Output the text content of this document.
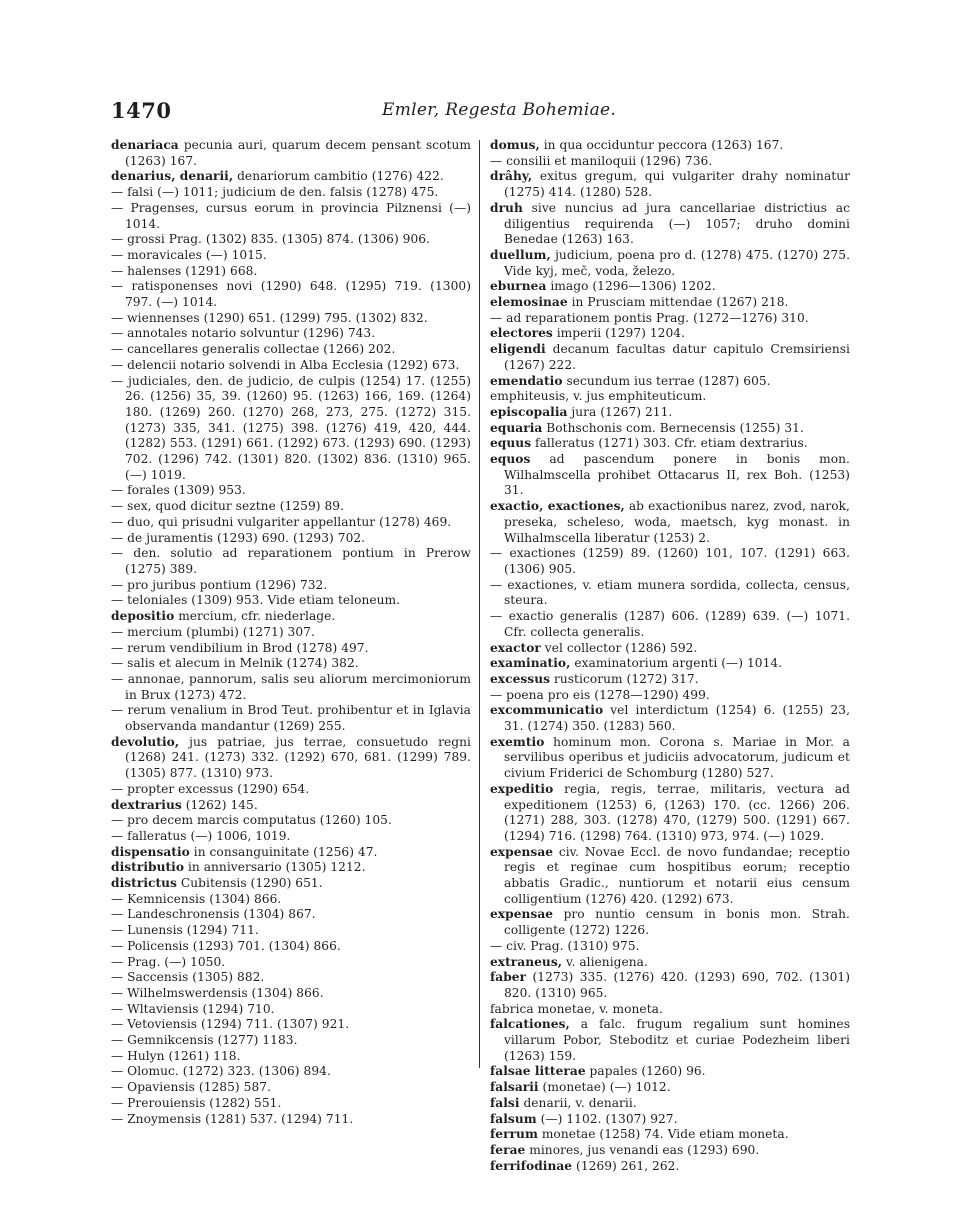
1470	Emler, Regesta Bohemiae.

denariaca pecunia auri, quarum decem pensant scotum (1263) 167.

denarius, denarii, denariorum cambitio (1276) 422.

— falsi (—) 1011; judicium de den. falsis (1278) 475.

— Pragenses, cursus eorum in provincia Pilznensi (—) 1014.

— grossi Prag. (1302) 835. (1305) 874. (1306) 906.

— moravicales (—) 1015.

— halenses (1291) 668.

— ratisponenses novi (1290) 648. (1295) 719. (1300) 797. (—) 1014.

— wiennenses (1290) 651. (1299) 795. (1302) 832.

— annotales notario solvuntur (1296) 743.

— cancellares generalis collectae (1266) 202.

— delencii notario solvendi in Alba Ecclesia (1292) 673.

— judiciales, den. de judicio, de culpis (1254) 17. (1255) 26. (1256) 35, 39. (1260) 95. (1263) 166, 169. (1264) 180. (1269) 260. (1270) 268, 273, 275. (1272) 315. (1273) 335, 341. (1275) 398. (1276) 419, 420, 444. (1282) 553. (1291) 661. (1292) 673. (1293) 690. (1293) 702. (1296) 742. (1301) 820. (1302) 836. (1310) 965. (—) 1019.

— forales (1309) 953.

— sex, quod dicitur seztne (1259) 89.

— duo, qui prisudni vulgariter appellantur (1278) 469.

— de juramentis (1293) 690. (1293) 702.

— den. solutio ad reparationem pontium in Prerow (1275) 389.

— pro juribus pontium (1296) 732.

— teloniales (1309) 953. Vide etiam teloneum.

depositio mercium, cfr. niederlage.

— mercium (plumbi) (1271) 307.

— rerum vendibilium in Brod (1278) 497.

— salis et alecum in Melnik (1274) 382.

— annonae, pannorum, salis seu aliorum mercimoniorum in Brux (1273) 472.

— rerum venalium in Brod Teut. prohibentur et in Iglavia observanda mandantur (1269) 255.

devolutio, jus patriae, jus terrae, consuetudo regni (1268) 241. (1273) 332. (1292) 670, 681. (1299) 789. (1305) 877. (1310) 973.

— propter excessus (1290) 654.

dextrarius (1262) 145.

— pro decem marcis computatus (1260) 105.

— falleratus (—) 1006, 1019.

dispensatio in consanguinitate (1256) 47.

distributio in anniversario (1305) 1212.

districtus Cubitensis (1290) 651.

— Kemnicensis (1304) 866.

— Landeschronensis (1304) 867.

— Lunensis (1294) 711.

— Policensis (1293) 701. (1304) 866.

— Prag. (—) 1050.

— Saccensis (1305) 882.

— Wilhelmswerdensis (1304) 866.

— Wltaviensis (1294) 710.

— Vetoviensis (1294) 711. (1307) 921.

— Gemnikcensis (1277) 1183.

— Hulyn (1261) 118.

— Olomuc. (1272) 323. (1306) 894.

— Opaviensis (1285) 587.

— Prerouiensis (1282) 551.

— Znoymensis (1281) 537. (1294) 711.

domus, in qua occiduntur peccora (1263) 167.

— consilii et maniloquii (1296) 736.

drâhy, exitus gregum, qui vulgariter drahy nominatur (1275) 414. (1280) 528.

druh sive nuncius ad jura cancellariae districtius ac diligentius requirenda (—) 1057; druho domini Benedae (1263) 163.

duellum, judicium, poena pro d. (1278) 475. (1270) 275. Vide kyj, meč, voda, železo.

eburnea imago (1296—1306) 1202.

elemosinae in Prusciam mittendae (1267) 218.

— ad reparationem pontis Prag. (1272—1276) 310.

electores imperii (1297) 1204.

eligendi decanum facultas datur capitulo Cremsiriensi (1267) 222.

emendatio secundum ius terrae (1287) 605.

emphiteusis, v. jus emphiteuticum.

episcopalia jura (1267) 211.

equaria Bothschonis com. Bernecensis (1255) 31.

equus falleratus (1271) 303. Cfr. etiam dextrarius.

equos ad pascendum ponere in bonis mon. Wilhalmscella prohibet Ottacarus II, rex Boh. (1253) 31.

exactio, exactiones, ab exactionibus narez, zvod, narok, preseka, scheleso, woda, maetsch, kyg monast. in Wilhalmscella liberatur (1253) 2.

— exactiones (1259) 89. (1260) 101, 107. (1291) 663. (1306) 905.

— exactiones, v. etiam munera sordida, collecta, census, steura.

— exactio generalis (1287) 606. (1289) 639. (—) 1071. Cfr. collecta generalis.

exactor vel collector (1286) 592.

examinatio, examinatorium argenti (—) 1014.

excessus rusticorum (1272) 317.

— poena pro eis (1278—1290) 499.

excommunicatio vel interdictum (1254) 6. (1255) 23, 31. (1274) 350. (1283) 560.

exemtio hominum mon. Corona s. Mariae in Mor. a servilibus operibus et judiciis advocatorum, judicum et civium Friderici de Schomburg (1280) 527.

expeditio regia, regis, terrae, militaris, vectura ad expeditionem (1253) 6, (1263) 170. (cc. 1266) 206. (1271) 288, 303. (1278) 470, (1279) 500. (1291) 667. (1294) 716. (1298) 764. (1310) 973, 974. (—) 1029.

expensae civ. Novae Eccl. de novo fundandae; receptio regis et reginae cum hospitibus eorum; receptio abbatis Gradic., nuntiorum et notarii eius censum colligentium (1276) 420. (1292) 673.

expensae pro nuntio censum in bonis mon. Strah. colligente (1272) 1226.

— civ. Prag. (1310) 975.

extraneus, v. alienigena.

faber (1273) 335. (1276) 420. (1293) 690, 702. (1301) 820. (1310) 965.

fabrica monetae, v. moneta.

falcationes, a falc. frugum regalium sunt homines villarum Pobor, Steboditz et curiae Podezheim liberi (1263) 159.

falsae litterae papales (1260) 96.

falsarii (monetae) (—) 1012.

falsi denarii, v. denarii.

falsum (—) 1102. (1307) 927.

ferrum monetae (1258) 74. Vide etiam moneta.

ferae minores, jus venandi eas (1293) 690.

ferrifodinae (1269) 261, 262.
